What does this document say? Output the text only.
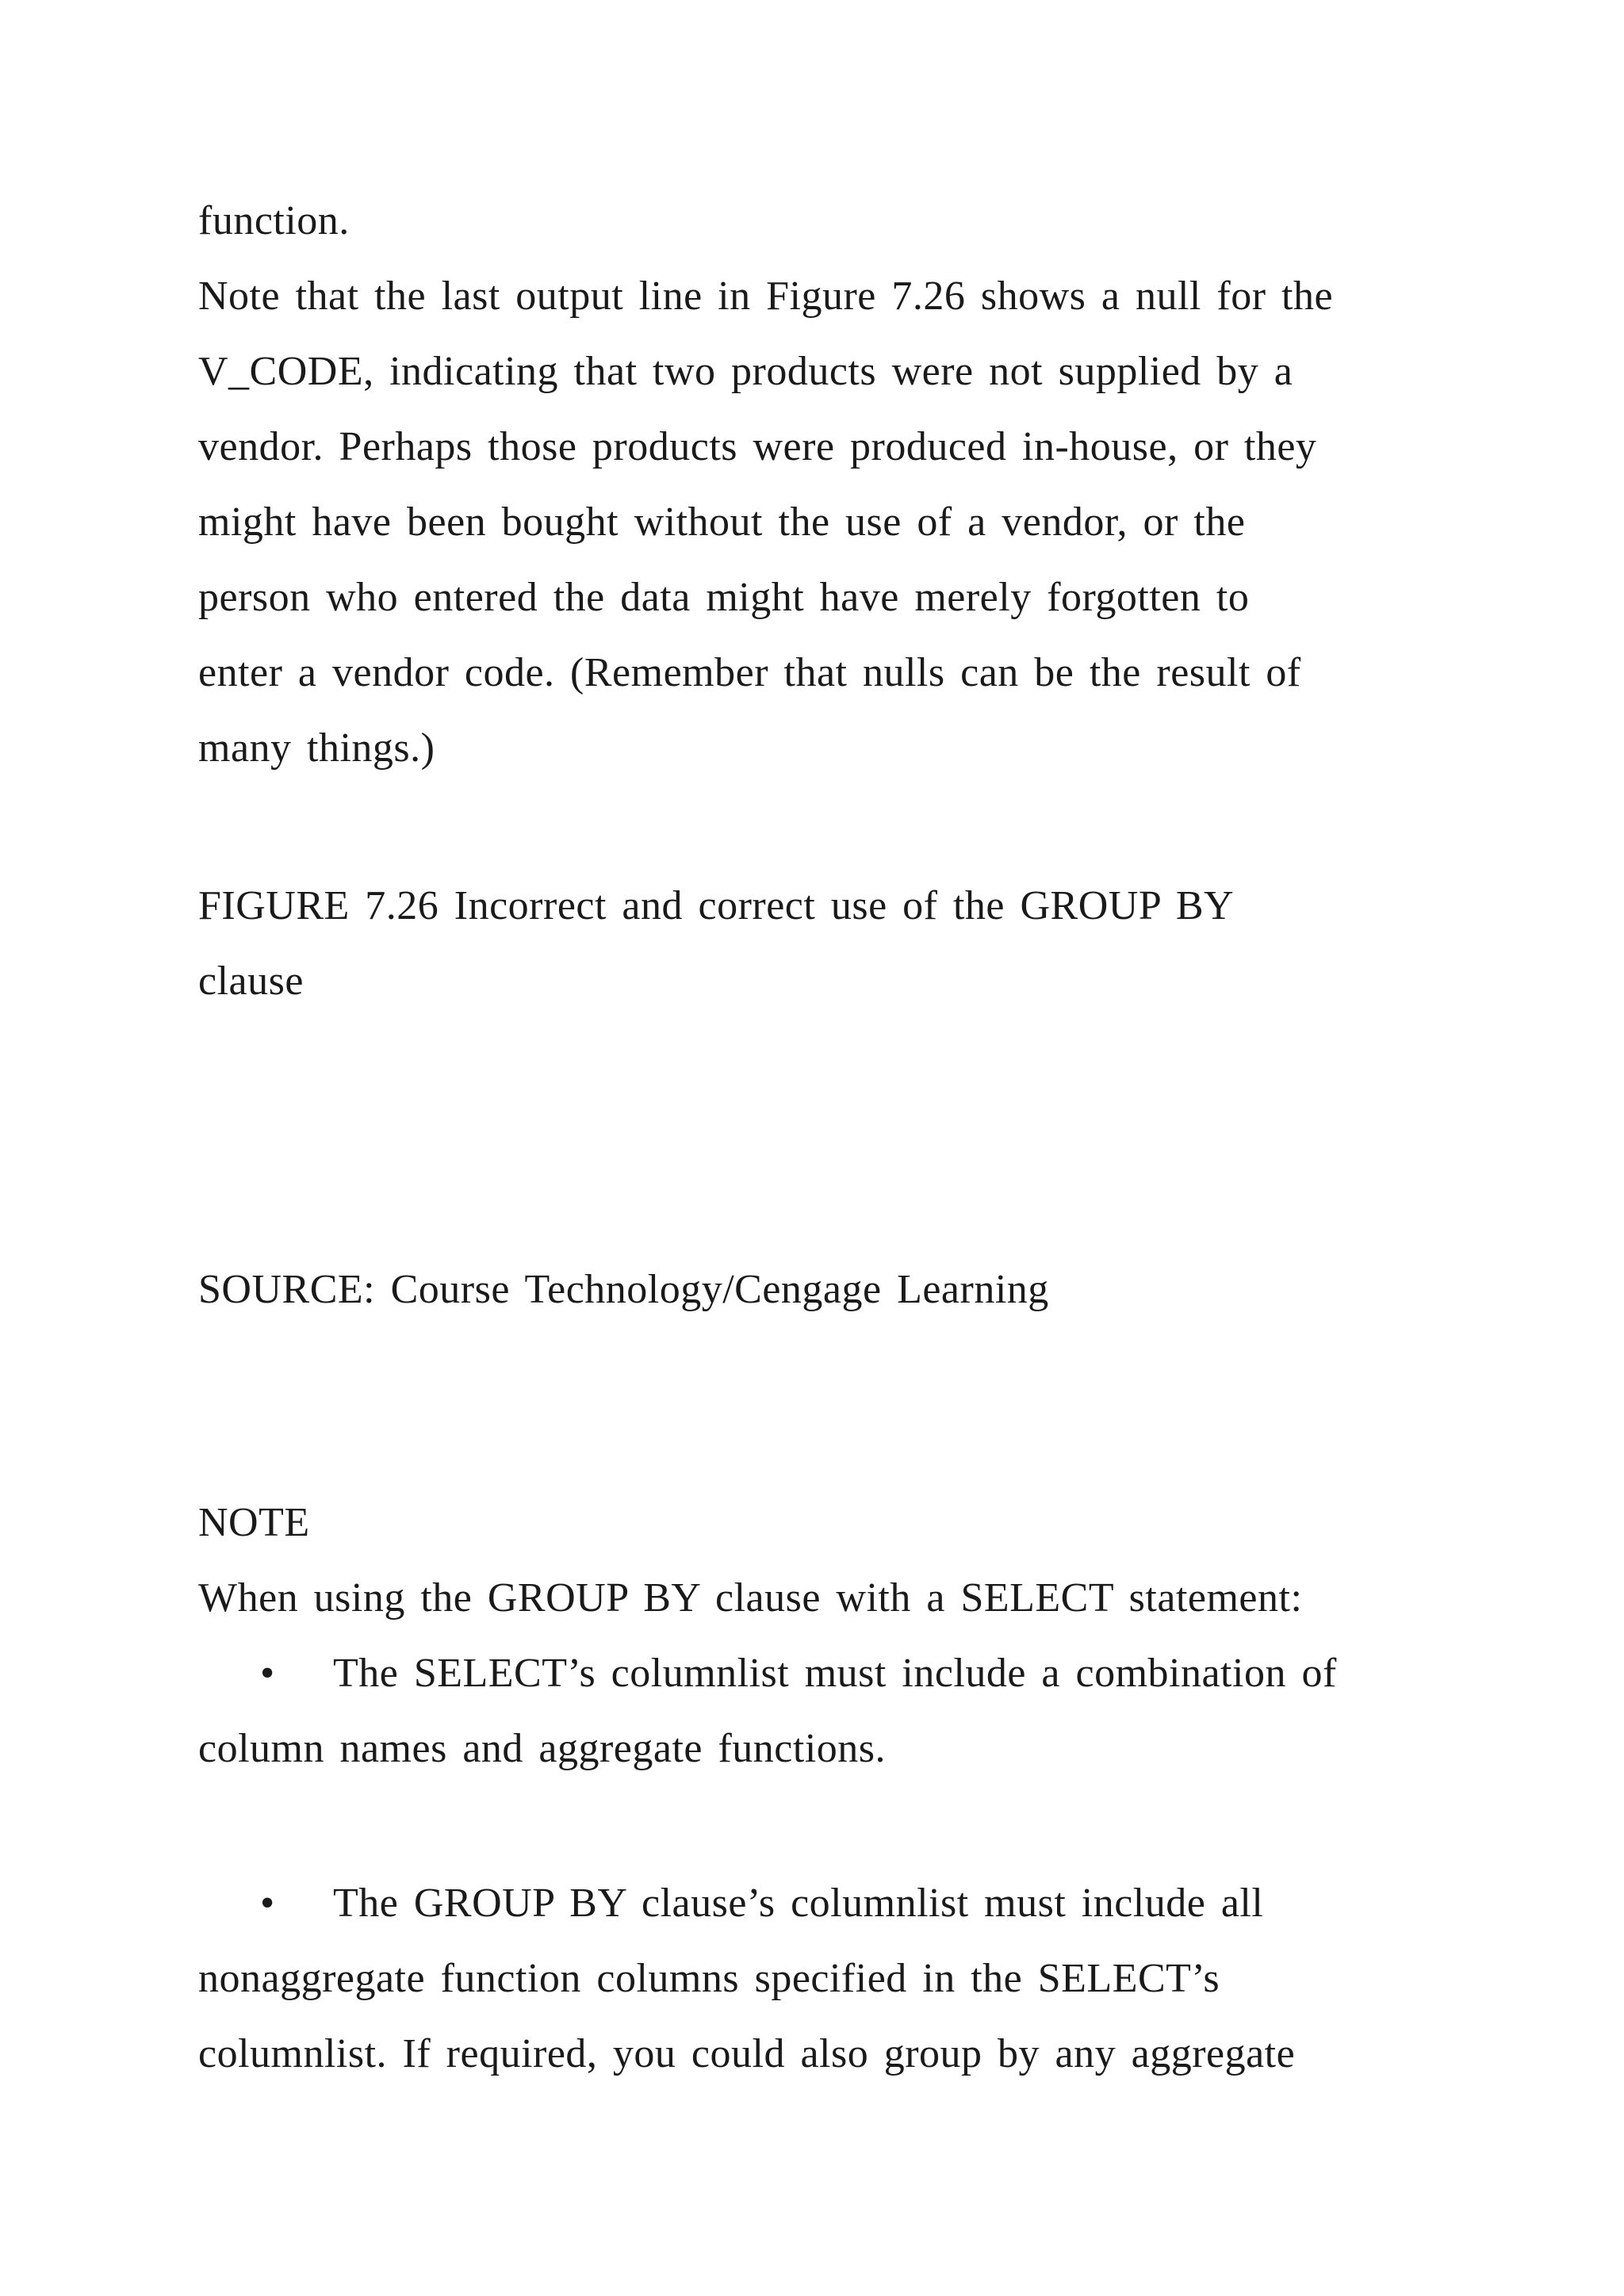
function.
Note that the last output line in Figure 7.26 shows a null for the
V_CODE, indicating that two products were not supplied by a
vendor. Perhaps those products were produced in-house, or they
might have been bought without the use of a vendor, or the
person who entered the data might have merely forgotten to
enter a vendor code. (Remember that nulls can be the result of
many things.)
FIGURE 7.26 Incorrect and correct use of the GROUP BY
clause
SOURCE: Course Technology/Cengage Learning
NOTE
When using the GROUP BY clause with a SELECT statement:
• The SELECT’s columnlist must include a combination of
column names and aggregate functions.
• The GROUP BY clause’s columnlist must include all
nonaggregate function columns specified in the SELECT’s
columnlist. If required, you could also group by any aggregate
